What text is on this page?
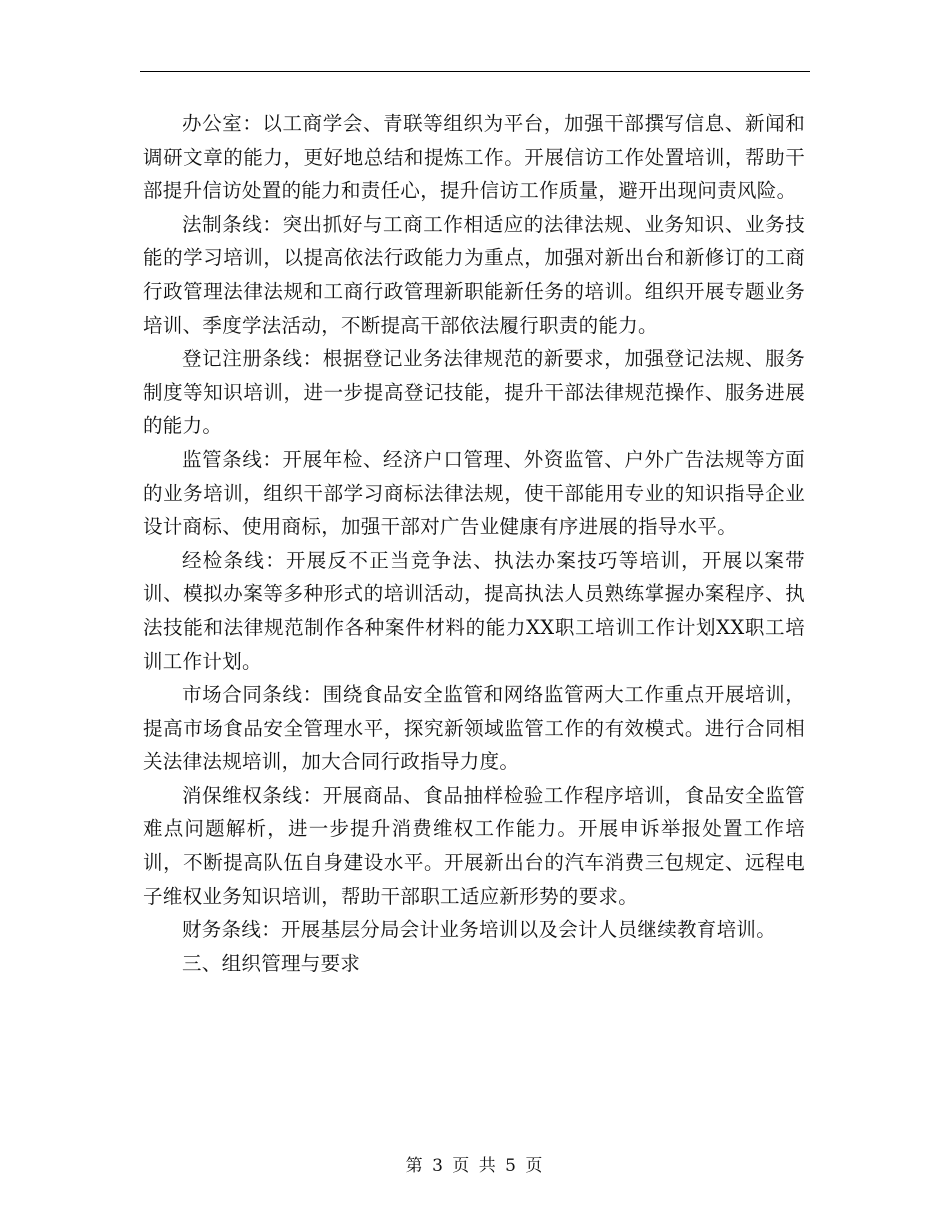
办公室：以工商学会、青联等组织为平台，加强干部撰写信息、新闻和调研文章的能力，更好地总结和提炼工作。开展信访工作处置培训，帮助干部提升信访处置的能力和责任心，提升信访工作质量，避开出现问责风险。

法制条线：突出抓好与工商工作相适应的法律法规、业务知识、业务技能的学习培训，以提高依法行政能力为重点，加强对新出台和新修订的工商行政管理法律法规和工商行政管理新职能新任务的培训。组织开展专题业务培训、季度学法活动，不断提高干部依法履行职责的能力。

登记注册条线：根据登记业务法律规范的新要求，加强登记法规、服务制度等知识培训，进一步提高登记技能，提升干部法律规范操作、服务进展的能力。

监管条线：开展年检、经济户口管理、外资监管、户外广告法规等方面的业务培训，组织干部学习商标法律法规，使干部能用专业的知识指导企业设计商标、使用商标，加强干部对广告业健康有序进展的指导水平。

经检条线：开展反不正当竞争法、执法办案技巧等培训，开展以案带训、模拟办案等多种形式的培训活动，提高执法人员熟练掌握办案程序、执法技能和法律规范制作各种案件材料的能力XX职工培训工作计划XX职工培训工作计划。

市场合同条线：围绕食品安全监管和网络监管两大工作重点开展培训，提高市场食品安全管理水平，探究新领域监管工作的有效模式。进行合同相关法律法规培训，加大合同行政指导力度。

消保维权条线：开展商品、食品抽样检验工作程序培训，食品安全监管难点问题解析，进一步提升消费维权工作能力。开展申诉举报处置工作培训，不断提高队伍自身建设水平。开展新出台的汽车消费三包规定、远程电子维权业务知识培训，帮助干部职工适应新形势的要求。

财务条线：开展基层分局会计业务培训以及会计人员继续教育培训。

三、组织管理与要求

第 3 页 共 5 页
